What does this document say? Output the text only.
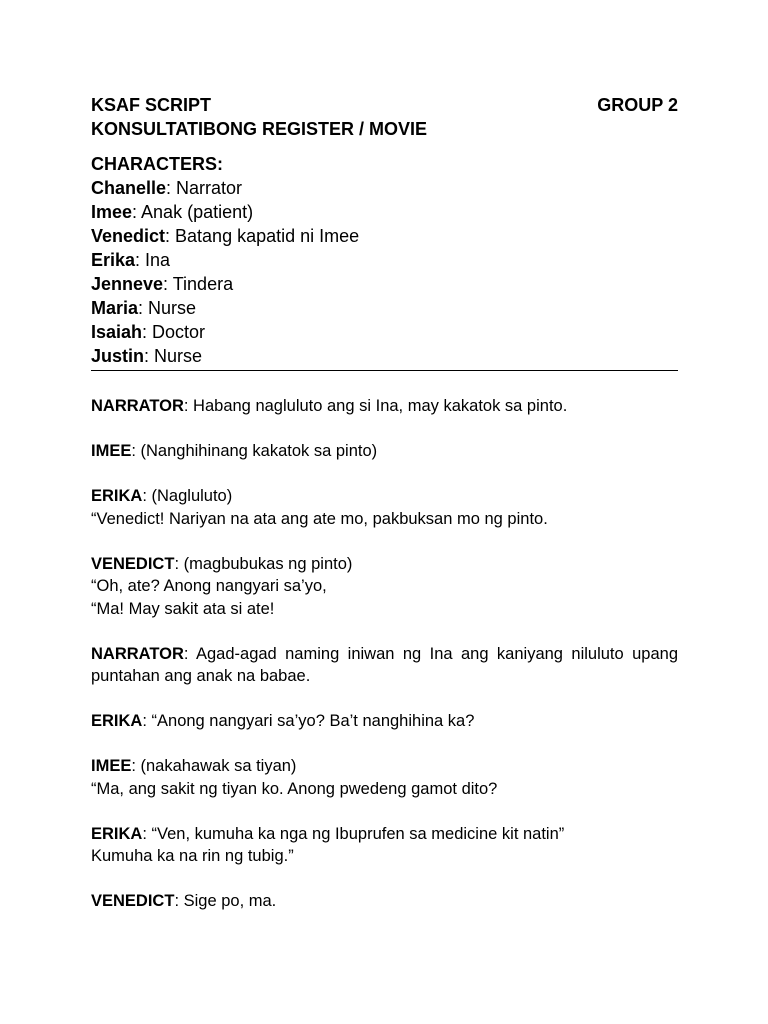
KSAF SCRIPT	GROUP 2
KONSULTATIBONG REGISTER / MOVIE
CHARACTERS:
Chanelle: Narrator
Imee: Anak (patient)
Venedict: Batang kapatid ni Imee
Erika: Ina
Jenneve: Tindera
Maria: Nurse
Isaiah: Doctor
Justin: Nurse
NARRATOR: Habang nagluluto ang si Ina, may kakatok sa pinto.
IMEE: (Nanghihinang kakatok sa pinto)
ERIKA: (Nagluluto)
“Venedict! Nariyan na ata ang ate mo, pakbuksan mo ng pinto.
VENEDICT: (magbubukas ng pinto)
“Oh, ate? Anong nangyari sa’yo,
“Ma! May sakit ata si ate!
NARRATOR: Agad-agad naming iniwan ng Ina ang kaniyang niluluto upang puntahan ang anak na babae.
ERIKA: “Anong nangyari sa’yo? Ba’t nanghihina ka?
IMEE: (nakahawak sa tiyan)
“Ma, ang sakit ng tiyan ko. Anong pwedeng gamot dito?
ERIKA: “Ven, kumuha ka nga ng Ibuprufen sa medicine kit natin”
Kumuha ka na rin ng tubig.”
VENEDICT: Sige po, ma.
